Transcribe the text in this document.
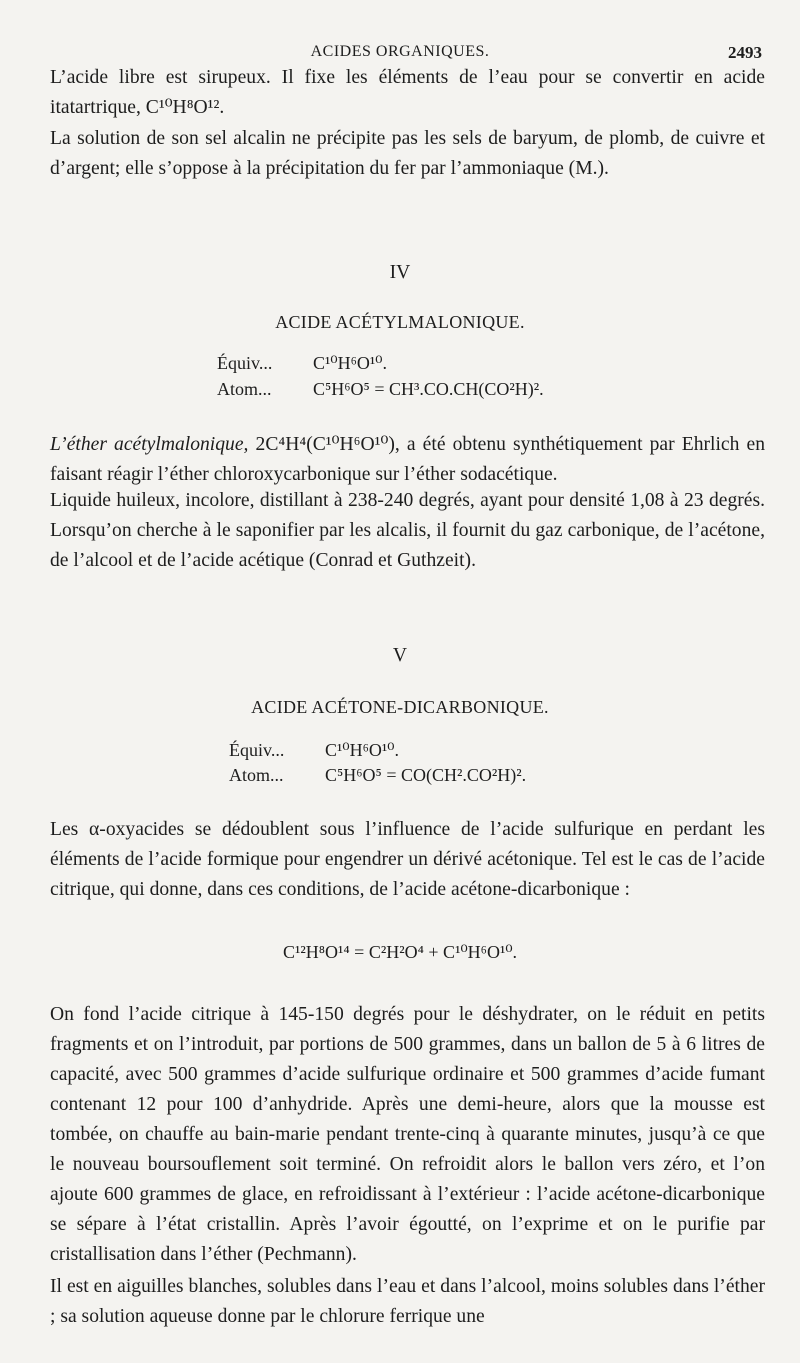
ACIDES ORGANIQUES.	2493

L’acide libre est sirupeux. Il fixe les éléments de l’eau pour se convertir en acide itatartrique, C¹⁰H⁸O¹².

La solution de son sel alcalin ne précipite pas les sels de baryum, de plomb, de cuivre et d’argent; elle s’oppose à la précipitation du fer par l’ammoniaque (M.).

IV
ACIDE ACÉTYLMALONIQUE.
Équiv... C¹⁰H⁶O¹⁰.
Atom... C⁵H⁶O⁵ = CH³.CO.CH(CO²H)².

L’éther acétylmalonique, 2C⁴H⁴(C¹⁰H⁶O¹⁰), a été obtenu synthétiquement par Ehrlich en faisant réagir l’éther chloroxycarbonique sur l’éther sodacétique.

Liquide huileux, incolore, distillant à 238-240 degrés, ayant pour densité 1,08 à 23 degrés. Lorsqu’on cherche à le saponifier par les alcalis, il fournit du gaz carbonique, de l’acétone, de l’alcool et de l’acide acétique (Conrad et Guthzeit).

V
ACIDE ACÉTONE-DICARBONIQUE.
Équiv... C¹⁰H⁶O¹⁰.
Atom... C⁵H⁶O⁵ = CO(CH².CO²H)².

Les α-oxyacides se dédoublent sous l’influence de l’acide sulfurique en perdant les éléments de l’acide formique pour engendrer un dérivé acétonique. Tel est le cas de l’acide citrique, qui donne, dans ces conditions, de l’acide acétone-dicarbonique :

C¹²H⁸O¹⁴ = C²H²O⁴ + C¹⁰H⁶O¹⁰.

On fond l’acide citrique à 145-150 degrés pour le déshydrater, on le réduit en petits fragments et on l’introduit, par portions de 500 grammes, dans un ballon de 5 à 6 litres de capacité, avec 500 grammes d’acide sulfurique ordinaire et 500 grammes d’acide fumant contenant 12 pour 100 d’anhydride. Après une demi-heure, alors que la mousse est tombée, on chauffe au bain-marie pendant trente-cinq à quarante minutes, jusqu’à ce que le nouveau boursouflement soit terminé. On refroidit alors le ballon vers zéro, et l’on ajoute 600 grammes de glace, en refroidissant à l’extérieur : l’acide acétone-dicarbonique se sépare à l’état cristallin. Après l’avoir égoutté, on l’exprime et on le purifie par cristallisation dans l’éther (Pechmann).

Il est en aiguilles blanches, solubles dans l’eau et dans l’alcool, moins solubles dans l’éther ; sa solution aqueuse donne par le chlorure ferrique une
